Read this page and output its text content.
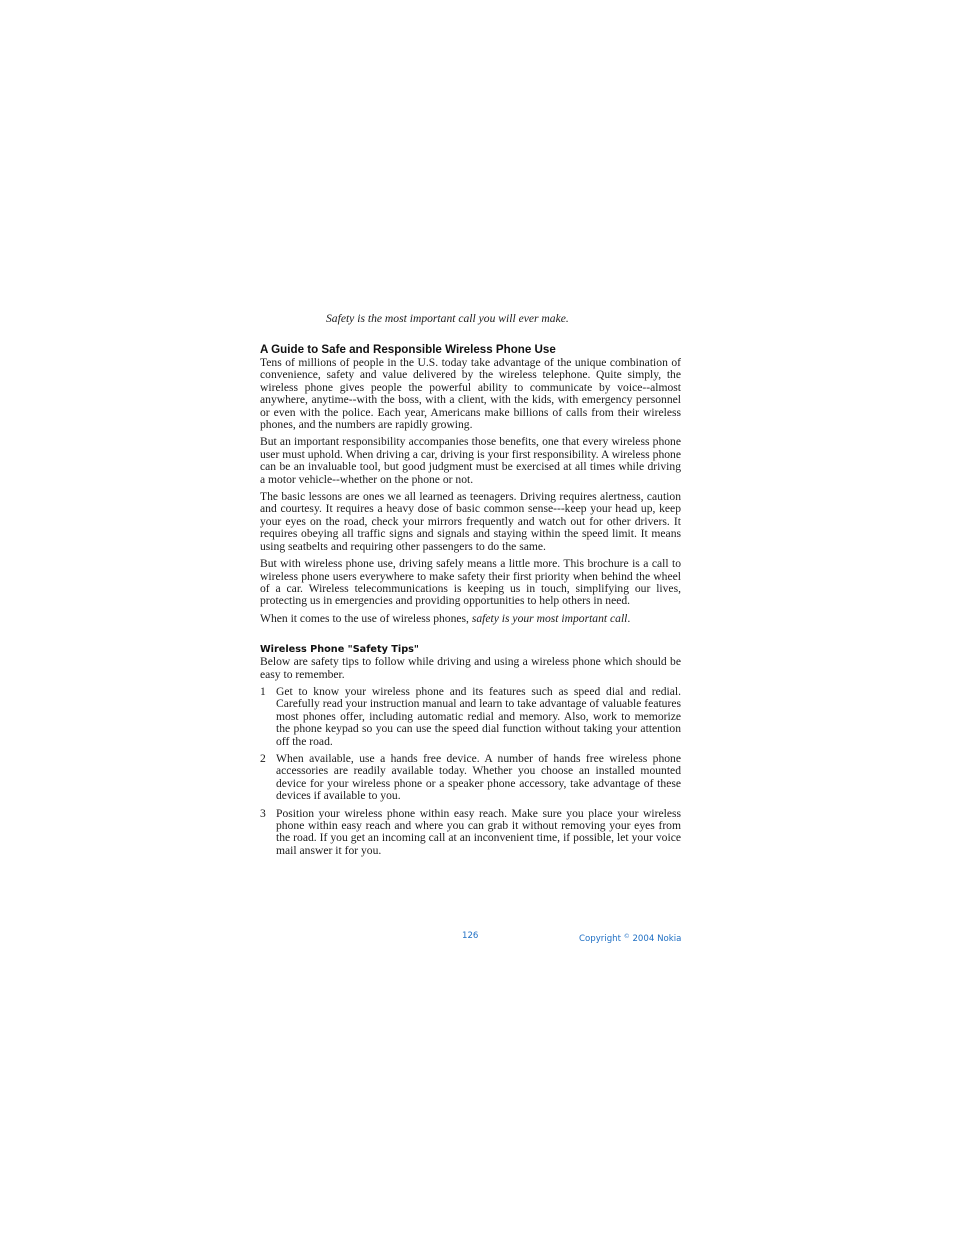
Safety is the most important call you will ever make.
A Guide to Safe and Responsible Wireless Phone Use

Tens of millions of people in the U.S. today take advantage of the unique combination of convenience, safety and value delivered by the wireless telephone. Quite simply, the wireless phone gives people the powerful ability to communicate by voice--almost anywhere, anytime--with the boss, with a client, with the kids, with emergency personnel or even with the police. Each year, Americans make billions of calls from their wireless phones, and the numbers are rapidly growing.

But an important responsibility accompanies those benefits, one that every wireless phone user must uphold. When driving a car, driving is your first responsibility. A wireless phone can be an invaluable tool, but good judgment must be exercised at all times while driving a motor vehicle--whether on the phone or not.

The basic lessons are ones we all learned as teenagers. Driving requires alertness, caution and courtesy. It requires a heavy dose of basic common sense---keep your head up, keep your eyes on the road, check your mirrors frequently and watch out for other drivers. It requires obeying all traffic signs and signals and staying within the speed limit. It means using seatbelts and requiring other passengers to do the same.

But with wireless phone use, driving safely means a little more. This brochure is a call to wireless phone users everywhere to make safety their first priority when behind the wheel of a car. Wireless telecommunications is keeping us in touch, simplifying our lives, protecting us in emergencies and providing opportunities to help others in need.

When it comes to the use of wireless phones, safety is your most important call.

Wireless Phone "Safety Tips"

Below are safety tips to follow while driving and using a wireless phone which should be easy to remember.

1 Get to know your wireless phone and its features such as speed dial and redial. Carefully read your instruction manual and learn to take advantage of valuable features most phones offer, including automatic redial and memory. Also, work to memorize the phone keypad so you can use the speed dial function without taking your attention off the road.
2 When available, use a hands free device. A number of hands free wireless phone accessories are readily available today. Whether you choose an installed mounted device for your wireless phone or a speaker phone accessory, take advantage of these devices if available to you.
3 Position your wireless phone within easy reach. Make sure you place your wireless phone within easy reach and where you can grab it without removing your eyes from the road. If you get an incoming call at an inconvenient time, if possible, let your voice mail answer it for you.
126	Copyright © 2004 Nokia
